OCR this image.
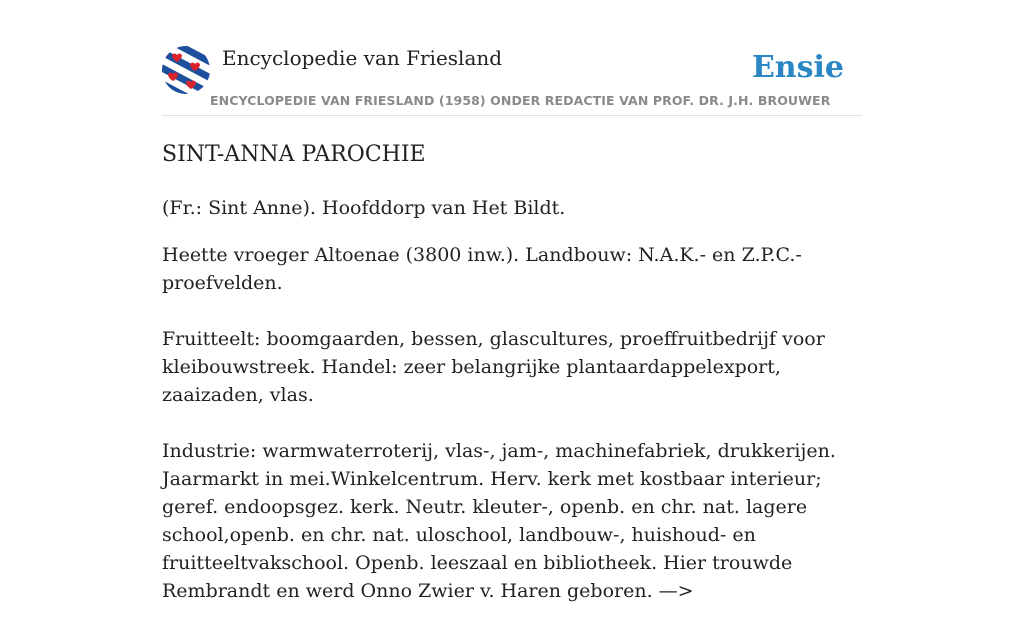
Encyclopedie van Friesland
ENCYCLOPEDIE VAN FRIESLAND (1958) ONDER REDACTIE VAN PROF. DR. J.H. BROUWER
Ensie
SINT-ANNA PAROCHIE

(Fr.: Sint Anne). Hoofddorp van Het Bildt.

Heette vroeger Altoenae (3800 inw.). Landbouw: N.A.K.- en Z.P.C.-proefvelden.

Fruitteelt: boomgaarden, bessen, glascultures, proeffruitbedrijf voor kleibouwstreek. Handel: zeer belangrijke plantaardappelexport, zaaizaden, vlas.

Industrie: warmwaterroterij, vlas-, jam-, machinefabriek, drukkerijen. Jaarmarkt in mei.Winkelcentrum. Herv. kerk met kostbaar interieur; geref. endoopsgez. kerk. Neutr. kleuter-, openb. en chr. nat. lagere school,openb. en chr. nat. uloschool, landbouw-, huishoud- en fruitteeltvakschool. Openb. leeszaal en bibliotheek. Hier trouwde Rembrandt en werd Onno Zwier v. Haren geboren. —>
